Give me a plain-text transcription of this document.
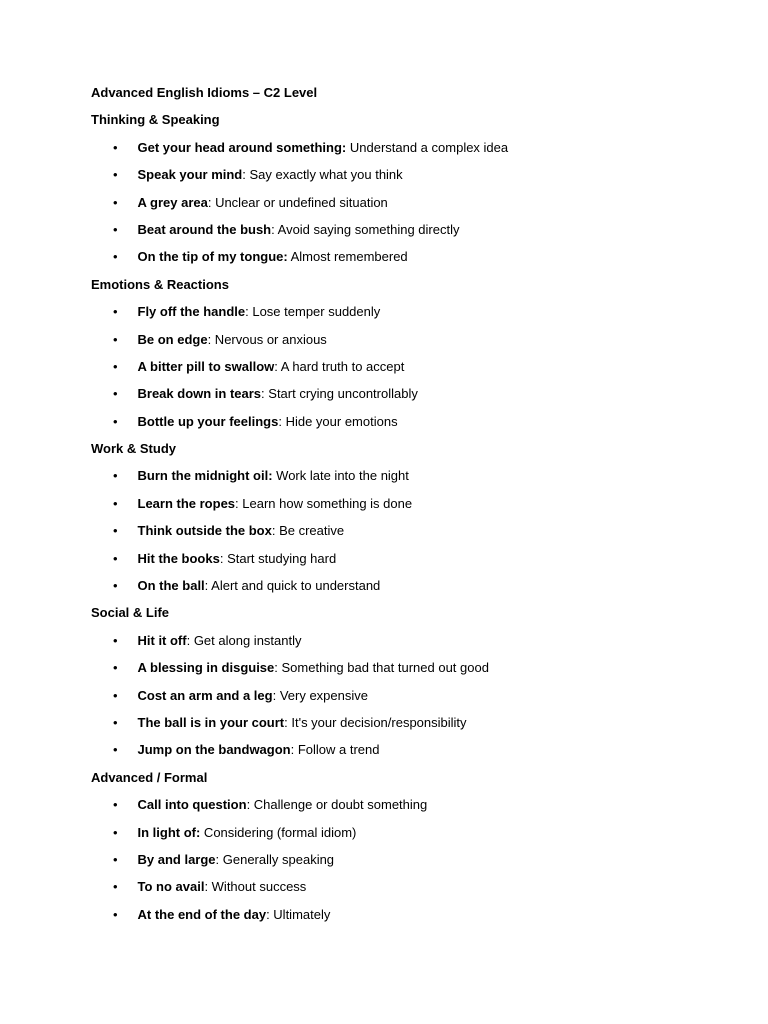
Advanced English Idioms – C2 Level
Thinking & Speaking
• Get your head around something: Understand a complex idea
• Speak your mind: Say exactly what you think
• A grey area: Unclear or undefined situation
• Beat around the bush: Avoid saying something directly
• On the tip of my tongue: Almost remembered
Emotions & Reactions
• Fly off the handle: Lose temper suddenly
• Be on edge: Nervous or anxious
• A bitter pill to swallow: A hard truth to accept
• Break down in tears: Start crying uncontrollably
• Bottle up your feelings: Hide your emotions
Work & Study
• Burn the midnight oil: Work late into the night
• Learn the ropes: Learn how something is done
• Think outside the box: Be creative
• Hit the books: Start studying hard
• On the ball: Alert and quick to understand
Social & Life
• Hit it off: Get along instantly
• A blessing in disguise: Something bad that turned out good
• Cost an arm and a leg: Very expensive
• The ball is in your court: It's your decision/responsibility
• Jump on the bandwagon: Follow a trend
Advanced / Formal
• Call into question: Challenge or doubt something
• In light of: Considering (formal idiom)
• By and large: Generally speaking
• To no avail: Without success
• At the end of the day: Ultimately
